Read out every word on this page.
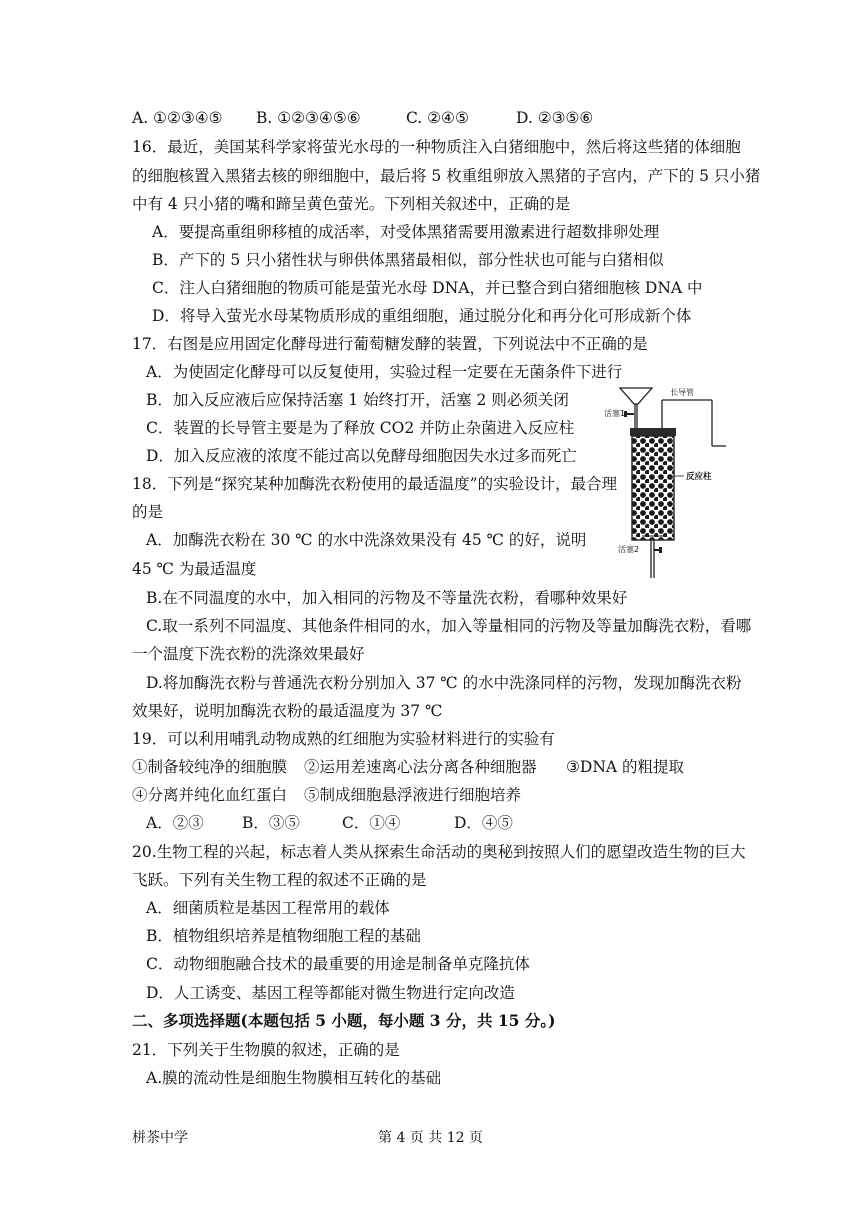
A. ①②③④⑤ B. ①②③④⑤⑥	C. ②④⑤	D. ②③⑤⑥
16．最近，美国某科学家将萤光水母的一种物质注入白猪细胞中，然后将这些猪的体细胞
的细胞核置入黑猪去核的卵细胞中，最后将 5 枚重组卵放入黑猪的子宫内，产下的 5 只小猪
中有 4 只小猪的嘴和蹄呈黄色萤光。下列相关叙述中，正确的是
A．要提高重组卵移植的成活率，对受体黑猪需要用激素进行超数排卵处理
B．产下的 5 只小猪性状与卵供体黑猪最相似，部分性状也可能与白猪相似
C．注人白猪细胞的物质可能是萤光水母 DNA，并已整合到白猪细胞核 DNA 中
D．将导入萤光水母某物质形成的重组细胞，通过脱分化和再分化可形成新个体
17．右图是应用固定化酵母进行葡萄糖发酵的装置，下列说法中不正确的是
A．为使固定化酵母可以反复使用，实验过程一定要在无菌条件下进行
B．加入反应液后应保持活塞 1 始终打开，活塞 2 则必须关闭
C．装置的长导管主要是为了释放 CO2 并防止杂菌进入反应柱
D．加入反应液的浓度不能过高以免酵母细胞因失水过多而死亡
活塞1
长导管
反应柱
活塞2
18．下列是“探究某种加酶洗衣粉使用的最适温度”的实验设计，最合理
的是
A．加酶洗衣粉在 30 ℃ 的水中洗涤效果没有 45 ℃ 的好，说明
45 ℃ 为最适温度
B.在不同温度的水中，加入相同的污物及不等量洗衣粉，看哪种效果好
C.取一系列不同温度、其他条件相同的水，加入等量相同的污物及等量加酶洗衣粉，看哪
一个温度下洗衣粉的洗涤效果最好
D.将加酶洗衣粉与普通洗衣粉分别加入 37 ℃ 的水中洗涤同样的污物，发现加酶洗衣粉
效果好，说明加酶洗衣粉的最适温度为 37 ℃
19．可以利用哺乳动物成熟的红细胞为实验材料进行的实验有
①制备较纯净的细胞膜 ②运用差速离心法分离各种细胞器 ③DNA 的粗提取
④分离并纯化血红蛋白 ⑤制成细胞悬浮液进行细胞培养
A．②③ B．③⑤	C．①④	D．④⑤
20.生物工程的兴起，标志着人类从探索生命活动的奥秘到按照人们的愿望改造生物的巨大
飞跃。下列有关生物工程的叙述不正确的是
A．细菌质粒是基因工程常用的载体
B．植物组织培养是植物细胞工程的基础
C．动物细胞融合技术的最重要的用途是制备单克隆抗体
D．人工诱变、基因工程等都能对微生物进行定向改造
二、多项选择题(本题包括 5 小题，每小题 3 分，共 15 分。)
21．下列关于生物膜的叙述，正确的是
A.膜的流动性是细胞生物膜相互转化的基础
栟茶中学	第 4 页 共 12 页
